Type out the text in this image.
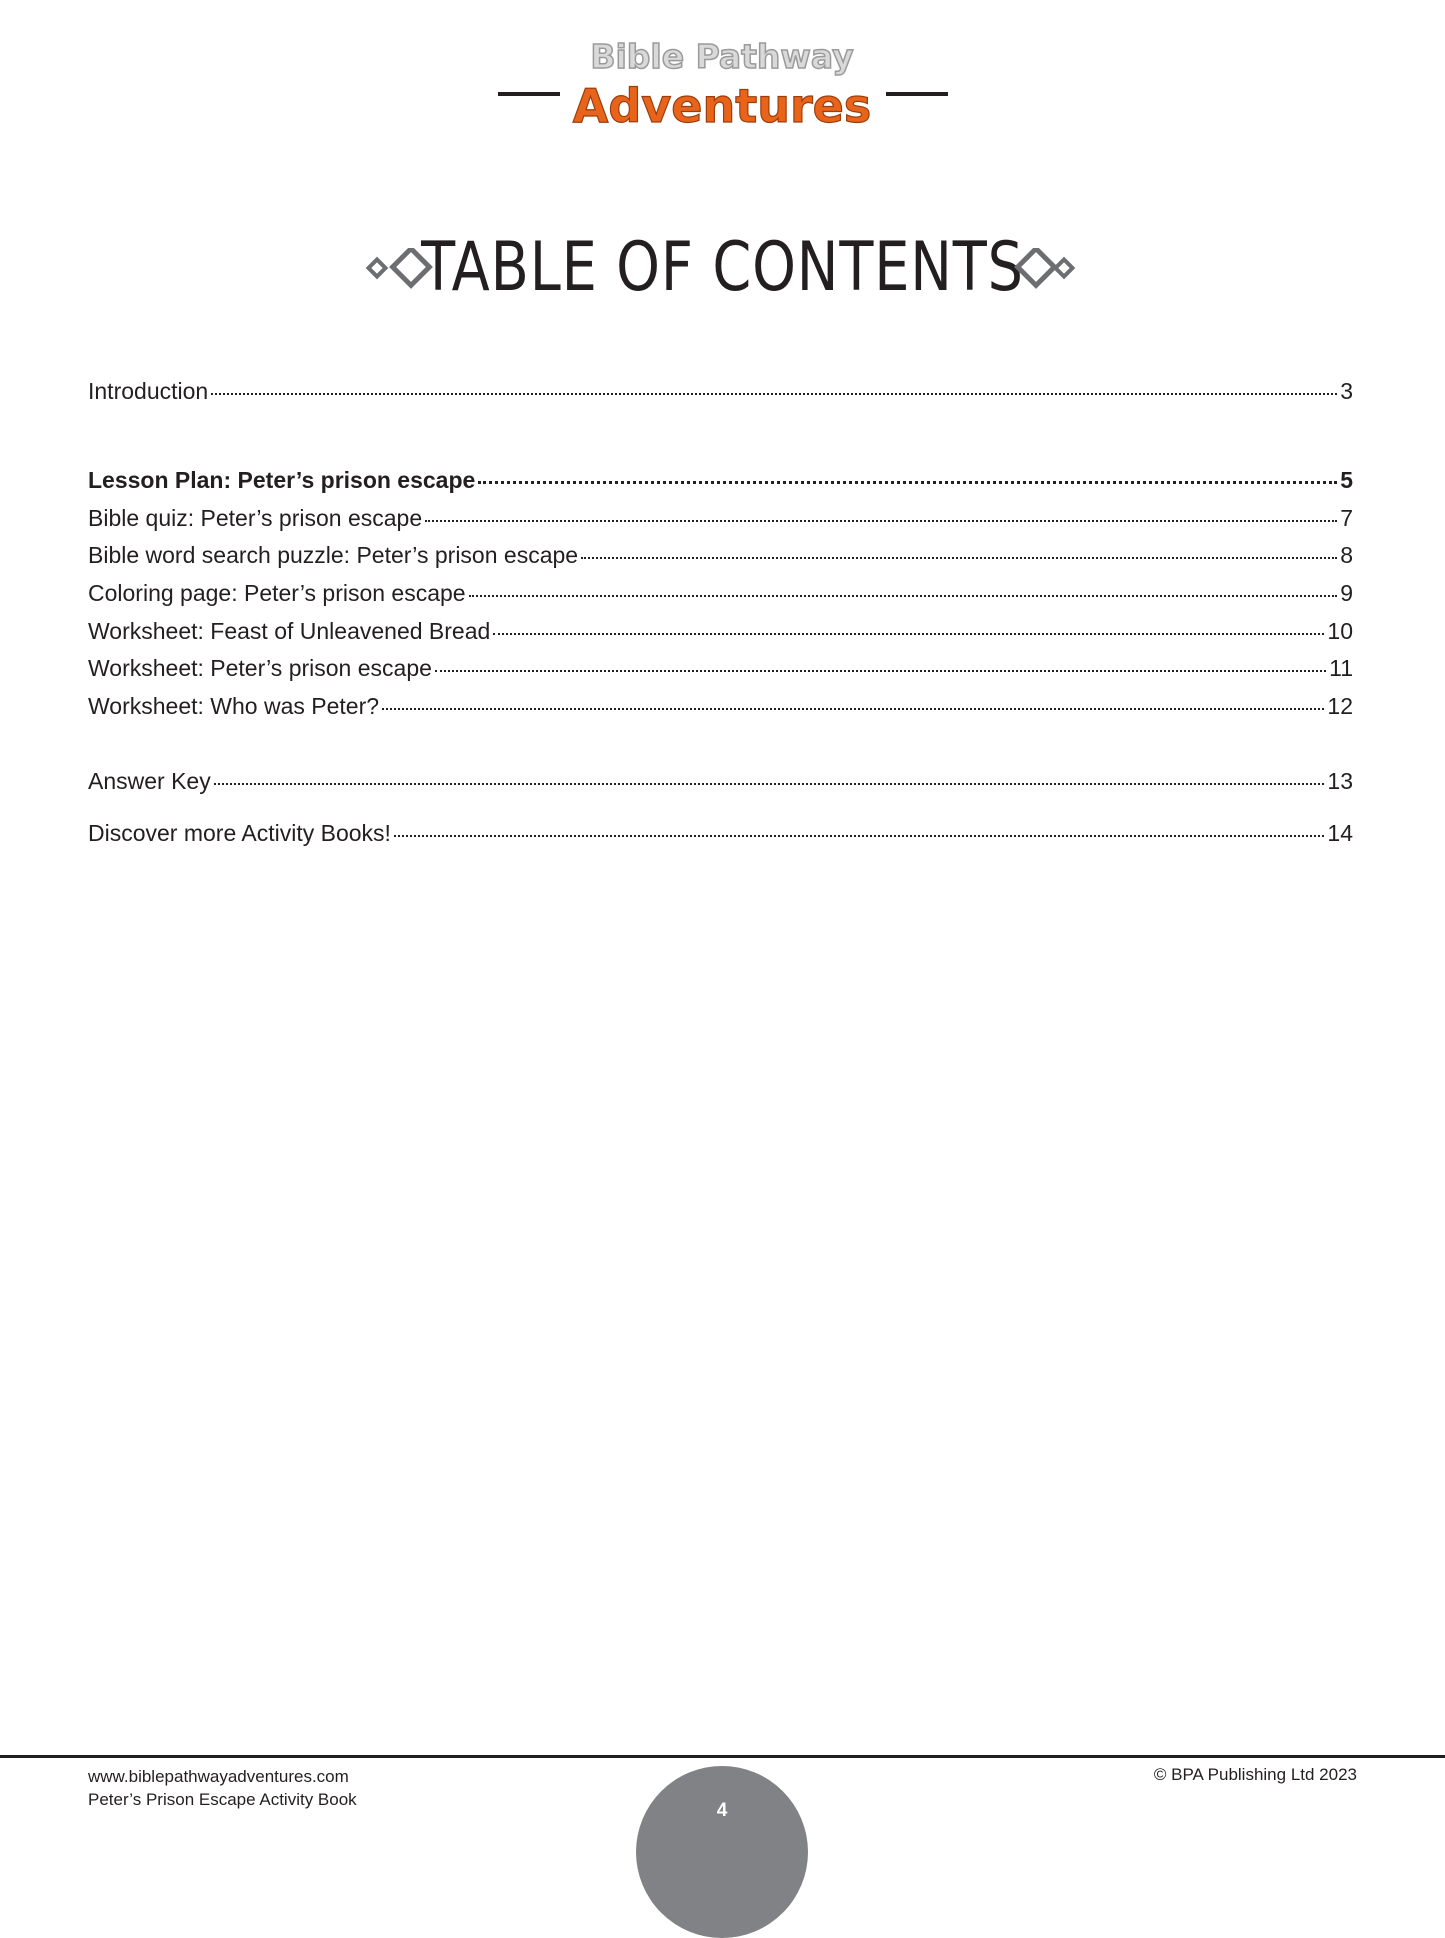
Bible Pathway
Adventures
TABLE OF CONTENTS
Introduction	3
Lesson Plan: Peter’s prison escape	5
Bible quiz: Peter’s prison escape	7
Bible word search puzzle: Peter’s prison escape	8
Coloring page: Peter’s prison escape	9
Worksheet: Feast of Unleavened Bread	10
Worksheet: Peter’s prison escape	11
Worksheet: Who was Peter?	12
Answer Key	13
Discover more Activity Books!	14
www.biblepathwayadventures.com
Peter’s Prison Escape Activity Book
4
© BPA Publishing Ltd 2023
